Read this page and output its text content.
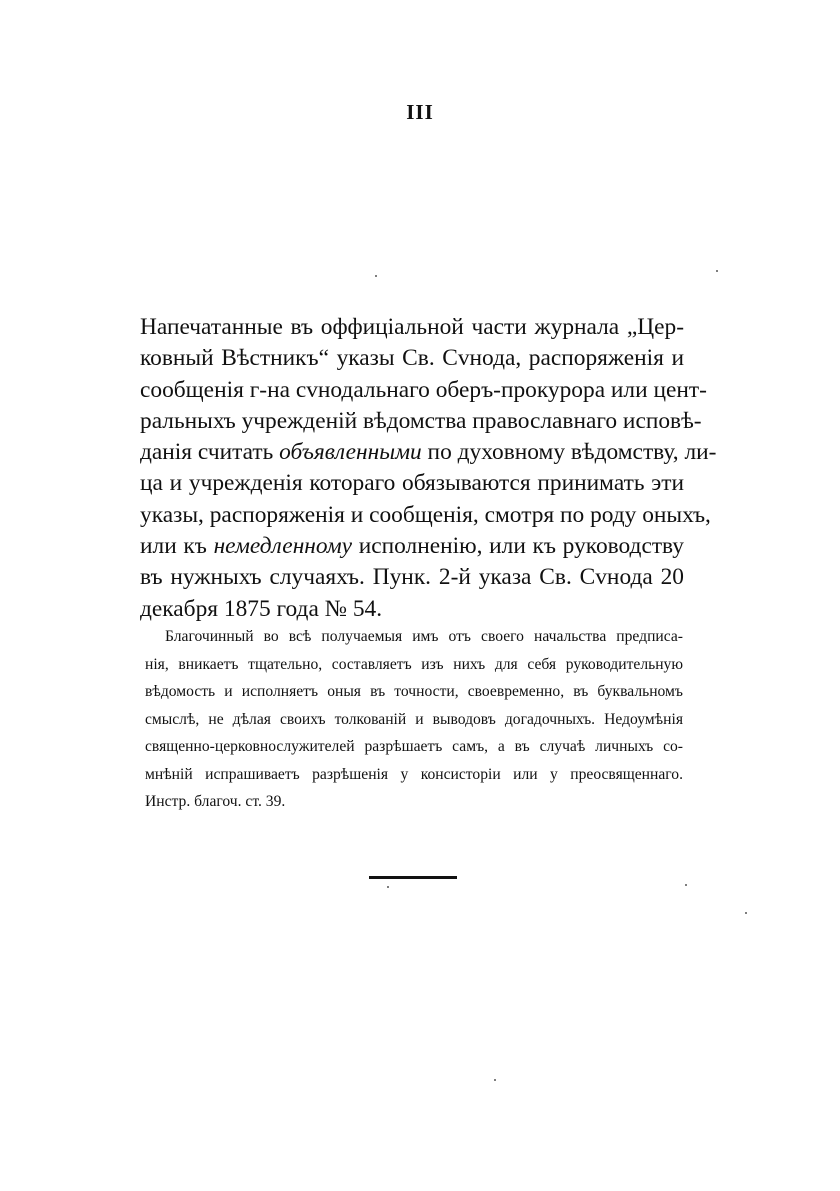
III

Напечатанные въ оффиціальной части журнала „Цер-
ковный Вѣстникъ“ указы Св. Сvнода, распоряженія и
сообщенія г-на сvнодальнаго оберъ-прокурора или цент-
ральныхъ учрежденій вѣдомства православнаго исповѣ-
данія считать объявленными по духовному вѣдомству, ли-
ца и учрежденія котораго обязываются принимать эти
указы, распоряженія и сообщенія, смотря по роду оныхъ,
или къ немедленному исполненію, или къ руководству
въ нужныхъ случаяхъ. Пунк. 2-й указа Св. Сvнода 20
декабря 1875 года № 54.

Благочинный во всѣ получаемыя имъ отъ своего начальства предписа-
нія, вникаетъ тщательно, составляетъ изъ нихъ для себя руководительную
вѣдомость и исполняетъ оныя въ точности, своевременно, въ буквальномъ
смыслѣ, не дѣлая своихъ толкованій и выводовъ догадочныхъ. Недоумѣнія
священно-церковнослужителей разрѣшаетъ самъ, а въ случаѣ личныхъ со-
мнѣній испрашиваетъ разрѣшенія у консисторіи или у преосвященнаго.
Инстр. благоч. ст. 39.
